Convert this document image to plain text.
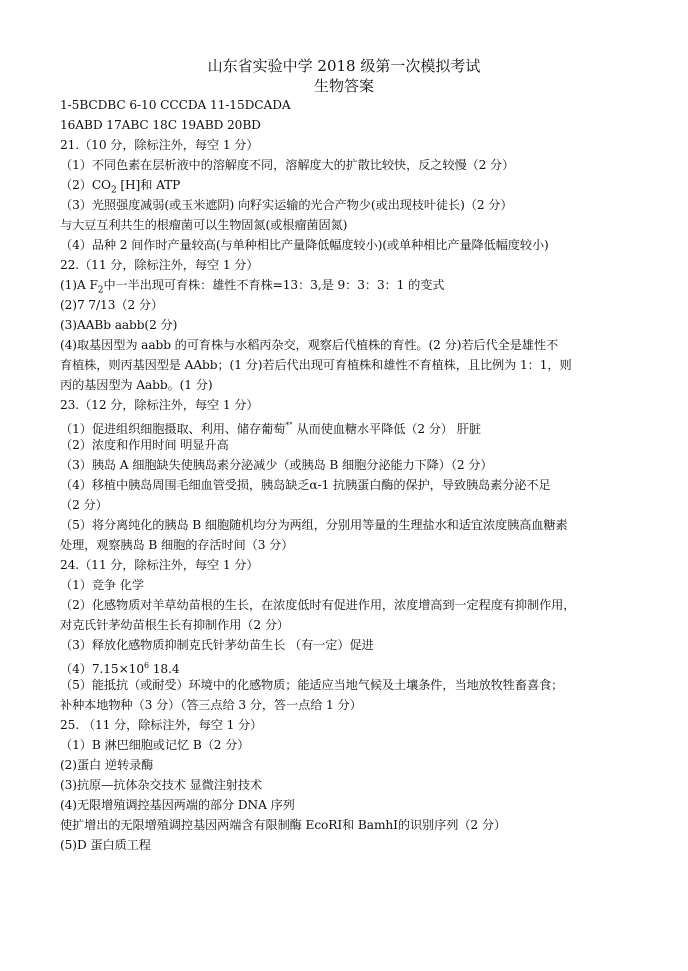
山东省实验中学 2018 级第一次模拟考试
生物答案
1-5BCDBC 6-10 CCCDA 11-15DCADA
16ABD 17ABC 18C 19ABD 20BD
21.（10 分，除标注外，每空 1 分）
（1）不同色素在层析液中的溶解度不同，溶解度大的扩散比较快，反之较慢（2 分）
$(2)CO_2$ [H]和 ATP
（3）光照强度减弱(或玉米遮阴) 向籽实运输的光合产物少(或出现枝叶徒长)（2 分）
与大豆互利共生的根瘤菌可以生物固氮(或根瘤菌固氮)
（4）品种 2 间作时产量较高(与单种相比产量降低幅度较小)(或单种相比产量降低幅度较小)
22.（11 分，除标注外，每空 1 分）
(1)A $F_2$中一半出现可育株：雄性不育株=13：3,是 9：3：3：1 的变式
(2)7 7/13（2 分）
(3)AABb aabb(2 分)
(4)取基因型为 aabb 的可育株与水稻丙杂交，观察后代植株的育性。(2 分)若后代全是雄性不
育植株，则丙基因型是 AAbb；(1 分)若后代出现可育植株和雄性不育植株，且比例为 1：1，则
丙的基因型为 Aabb。(1 分)
23.（12 分，除标注外，每空 1 分）
（1）促进组织细胞摄取、利用、储存葡萄*" 从而使血糖水平降低（2 分） 肝脏
（2）浓度和作用时间 明显升高
（3）胰岛 A 细胞缺失使胰岛素分泌减少（或胰岛 B 细胞分泌能力下降）（2 分）
（4）移植中胰岛周围毛细血管受损，胰岛缺乏α-1 抗胰蛋白酶的保护，导致胰岛素分泌不足
（2 分）
（5）将分离纯化的胰岛 B 细胞随机均分为两组，分别用等量的生理盐水和适宜浓度胰高血糖素
处理，观察胰岛 B 细胞的存活时间（3 分）
24.（11 分，除标注外，每空 1 分）
（1）竞争 化学
（2）化感物质对羊草幼苗根的生长，在浓度低时有促进作用，浓度增高到一定程度有抑制作用，
对克氏针茅幼苗根生长有抑制作用（2 分）
（3）释放化感物质抑制克氏针茅幼苗生长 （有一定）促进
$(4)7.15\times 10^6$ 18.4
（5）能抵抗（或耐受）环境中的化感物质；能适应当地气候及土壤条件，当地放牧牲畜喜食；
补种本地物种（3 分）（答三点给 3 分，答一点给 1 分）
25. （11 分，除标注外，每空 1 分）
（1）B 淋巴细胞或记忆 B（2 分）
(2)蛋白 逆转录酶
(3)抗原—抗体杂交技术 显微注射技术
(4)无限增殖调控基因两端的部分 DNA 序列
使扩增出的无限增殖调控基因两端含有限制酶 EcoRⅠ和 BamhⅠ的识别序列（2 分）
(5)D 蛋白质工程
